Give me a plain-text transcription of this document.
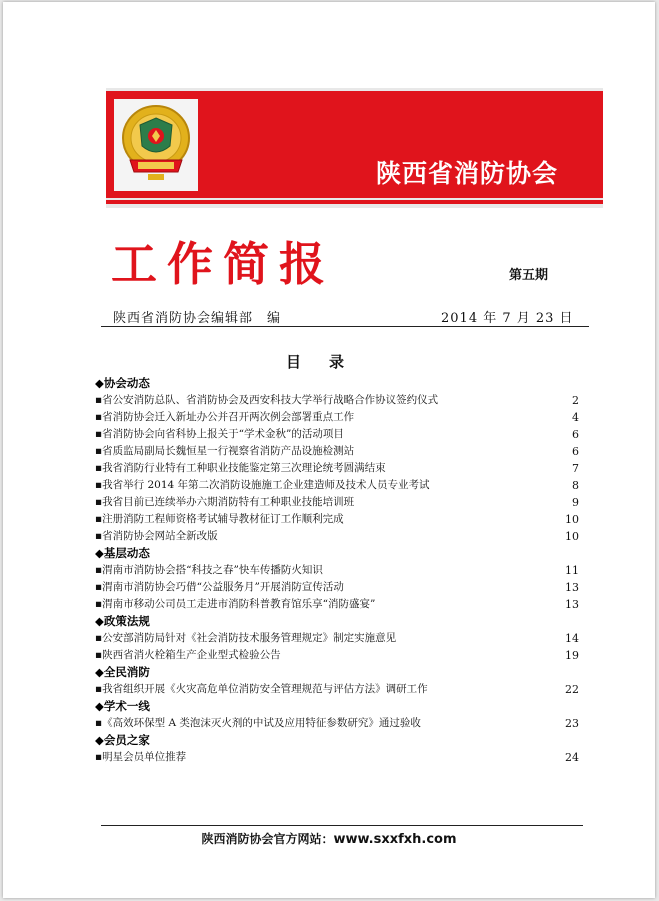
陕西省消防协会
工作简报	第五期
陕西省消防协会编辑部　编	2014 年 7 月 23 日
目录
◆协会动态
▪省公安消防总队、省消防协会及西安科技大学举行战略合作协议签约仪式	2
▪省消防协会迁入新址办公并召开两次例会部署重点工作	4
▪省消防协会向省科协上报关于“学术金秋”的活动项目	6
▪省质监局副局长魏恒星一行视察省消防产品设施检测站	6
▪我省消防行业特有工种职业技能鉴定第三次理论统考圆满结束	7
▪我省举行 2014 年第二次消防设施施工企业建造师及技术人员专业考试	8
▪我省目前已连续举办六期消防特有工种职业技能培训班	9
▪注册消防工程师资格考试辅导教材征订工作顺利完成	10
▪省消防协会网站全新改版	10
◆基层动态
▪渭南市消防协会搭“科技之春”快车传播防火知识	11
▪渭南市消防协会巧借“公益服务月”开展消防宣传活动	13
▪渭南市移动公司员工走进市消防科普教育馆乐享“消防盛宴”	13
◆政策法规
▪公安部消防局针对《社会消防技术服务管理规定》制定实施意见	14
▪陕西省消火栓箱生产企业型式检验公告	19
◆全民消防
▪我省组织开展《火灾高危单位消防安全管理规范与评估方法》调研工作	22
◆学术一线
▪《高效环保型 A 类泡沫灭火剂的中试及应用特征参数研究》通过验收	23
◆会员之家
▪明星会员单位推荐	24
陕西消防协会官方网站：www.sxxfxh.com
